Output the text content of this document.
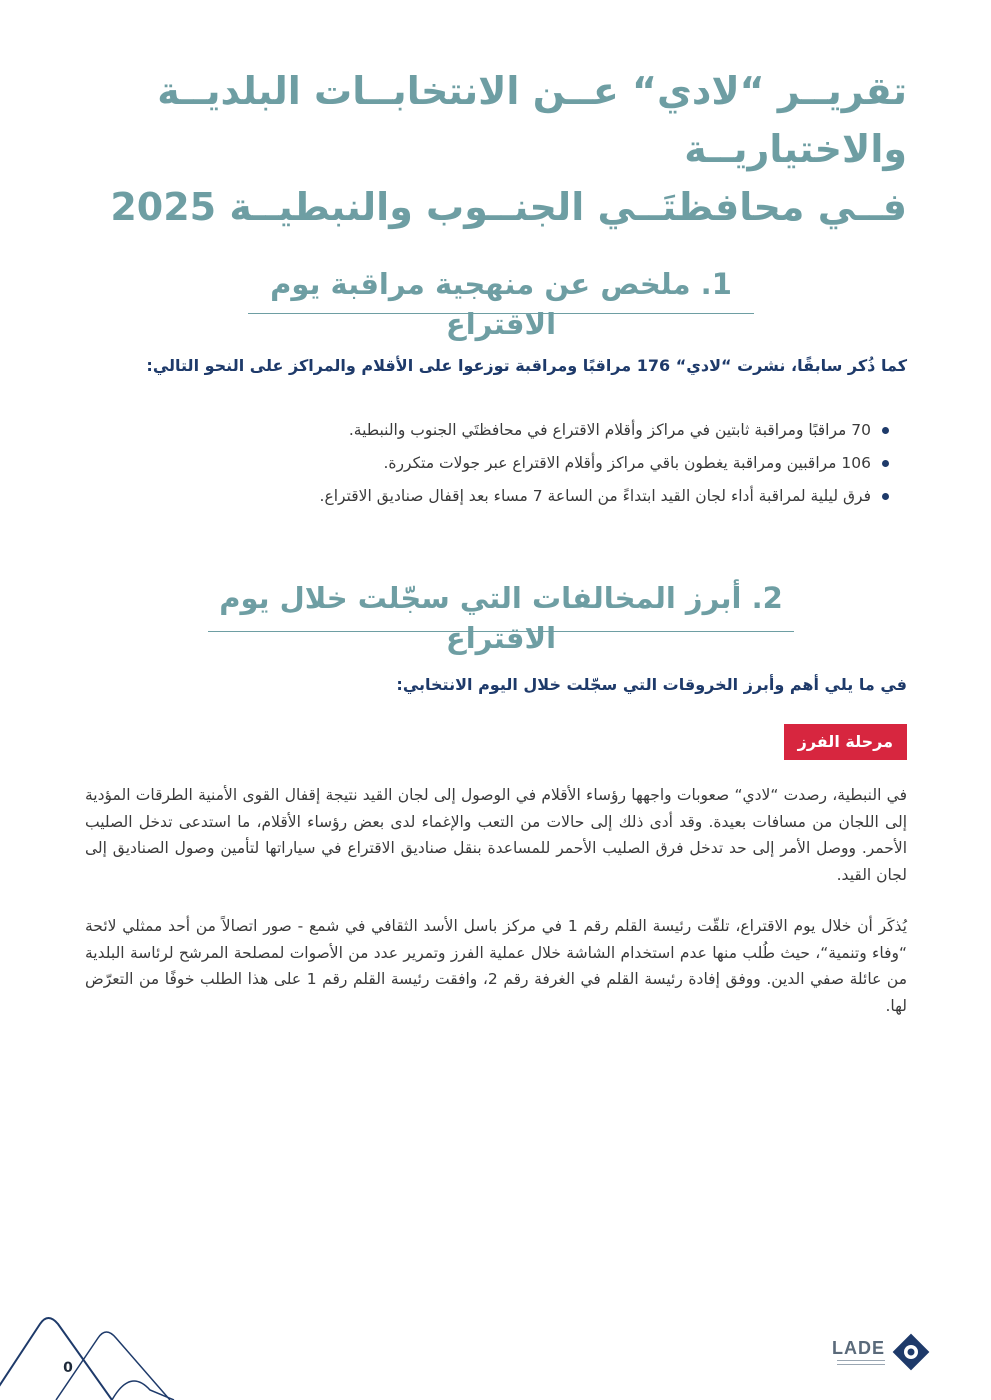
تقريــر “لادي“ عــن الانتخابــات البلديــة والاختياريــة
فــي محافظتَــي الجنــوب والنبطيــة 2025
1. ملخص عن منهجية مراقبة يوم الاقتراع

كما ذُكر سابقًا، نشرت “لادي“ 176 مراقبًا ومراقبة توزعوا على الأقلام والمراكز على النحو التالي:

70 مراقبًا ومراقبة ثابتين في مراكز وأقلام الاقتراع في محافظتَي الجنوب والنبطية.
106 مراقبين ومراقبة يغطون باقي مراكز وأقلام الاقتراع عبر جولات متكررة.
فرق ليلية لمراقبة أداء لجان القيد ابتداءً من الساعة 7 مساء بعد إقفال صناديق الاقتراع.
2. أبرز المخالفات التي سجّلت خلال يوم الاقتراع

في ما يلي أهم وأبرز الخروقات التي سجّلت خلال اليوم الانتخابي:

مرحلة الفرز

في النبطية، رصدت “لادي“ صعوبات واجهها رؤساء الأقلام في الوصول إلى لجان القيد نتيجة إقفال القوى الأمنية الطرقات المؤدية إلى اللجان من مسافات بعيدة. وقد أدى ذلك إلى حالات من التعب والإغماء لدى بعض رؤساء الأقلام، ما استدعى تدخل الصليب الأحمر. ووصل الأمر إلى حد تدخل فرق الصليب الأحمر للمساعدة بنقل صناديق الاقتراع في سياراتها لتأمين وصول الصناديق إلى لجان القيد.

يُذكَر أن خلال يوم الاقتراع، تلقّت رئيسة القلم رقم 1 في مركز باسل الأسد الثقافي في شمع - صور اتصالاً من أحد ممثلي لائحة “وفاء وتنمية“، حيث طُلب منها عدم استخدام الشاشة خلال عملية الفرز وتمرير عدد من الأصوات لمصلحة المرشح لرئاسة البلدية من عائلة صفي الدين. ووفق إفادة رئيسة القلم في الغرفة رقم 2، وافقت رئيسة القلم رقم 1 على هذا الطلب خوفًا من التعرّض لها.

0
LADE
